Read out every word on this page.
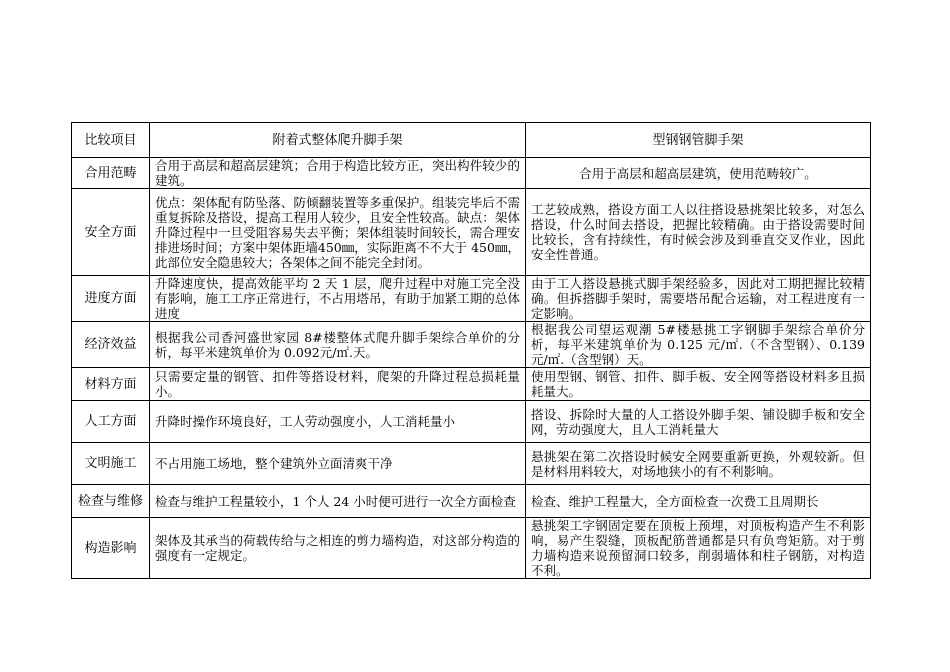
比较项目	附着式整体爬升脚手架	型钢钢管脚手架
合用范畴	合用于高层和超高层建筑；合用于构造比较方正，突出构件较少的建筑。	合用于高层和超高层建筑，使用范畴较广。
安全方面	优点：架体配有防坠落、防倾翻装置等多重保护。组装完毕后不需重复拆除及搭设，提高工程用人较少，且安全性较高。缺点：架体升降过程中一旦受阻容易失去平衡；架体组装时间较长，需合理安排进场时间；方案中架体距墙450㎜，实际距离不不大于 450㎜，此部位安全隐患较大；各架体之间不能完全封闭。	工艺较成熟，搭设方面工人以往搭设悬挑架比较多，对怎么搭设，什么时间去搭设，把握比较精确。由于搭设需要时间比较长，含有持续性，有时候会涉及到垂直交叉作业，因此安全性普通。
进度方面	升降速度快，提高效能平均 2 天 1 层，爬升过程中对施工完全没有影响，施工工序正常进行，不占用塔吊，有助于加紧工期的总体进度	由于工人搭设悬挑式脚手架经验多，因此对工期把握比较精确。但拆搭脚手架时，需要塔吊配合运输，对工程进度有一定影响。
经济效益	根据我公司香河盛世家园 8#楼整体式爬升脚手架综合单价的分析，每平米建筑单价为 0.092元/㎡.天。	根据我公司望运观潮 5#楼悬挑工字钢脚手架综合单价分析，每平米建筑单价为 0.125 元/㎡.（不含型钢）、0.139元/㎡.（含型钢）天。
材料方面	只需要定量的钢管、扣件等搭设材料，爬架的升降过程总损耗量小。	使用型钢、钢管、扣件、脚手板、安全网等搭设材料多且损耗量大。
人工方面	升降时操作环境良好，工人劳动强度小，人工消耗量小	搭设、拆除时大量的人工搭设外脚手架、铺设脚手板和安全网，劳动强度大，且人工消耗量大
文明施工	不占用施工场地，整个建筑外立面清爽干净	悬挑架在第二次搭设时候安全网要重新更换，外观较新。但是材料用料较大，对场地狭小的有不利影响。
检查与维修	检查与维护工程量较小，1 个人 24 小时便可进行一次全方面检查	检查、维护工程量大，全方面检查一次费工且周期长
构造影响	架体及其承当的荷载传给与之相连的剪力墙构造，对这部分构造的强度有一定规定。	悬挑架工字钢固定要在顶板上预埋，对顶板构造产生不利影响，易产生裂缝，顶板配筋普通都是只有负弯矩筋。对于剪力墙构造来说预留洞口较多，削弱墙体和柱子钢筋，对构造不利。
